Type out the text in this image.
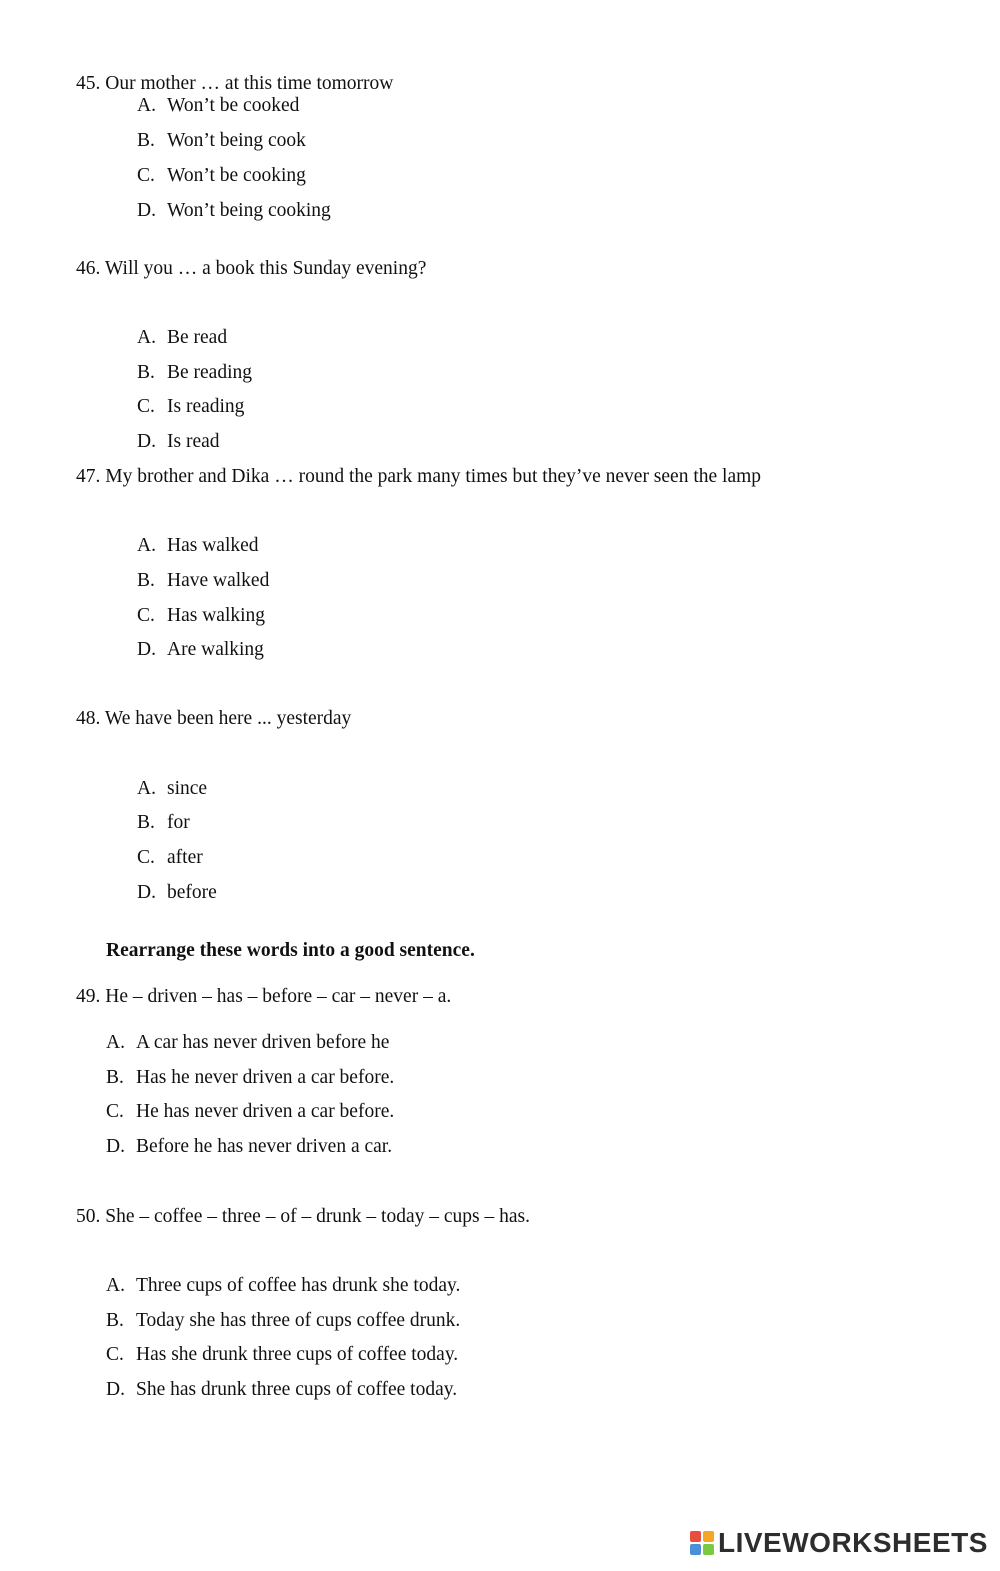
45. Our mother … at this time tomorrow
A. Won’t be cooked
B. Won’t being cook
C. Won’t be cooking
D. Won’t being cooking
46. Will you … a book this Sunday evening?
A. Be read
B. Be reading
C. Is reading
D. Is read
47. My brother and Dika … round the park many times but they’ve never seen the lamp
A. Has walked
B. Have walked
C. Has walking
D. Are walking
48. We have been here ... yesterday
A. since
B. for
C. after
D. before
Rearrange these words into a good sentence.
49. He – driven – has – before – car – never – a.
A. A car has never driven before he
B. Has he never driven a car before.
C. He has never driven a car before.
D. Before he has never driven a car.
50. She – coffee – three – of – drunk – today – cups – has.
A. Three cups of coffee has drunk she today.
B. Today she has three of cups coffee drunk.
C. Has she drunk three cups of coffee today.
D. She has drunk three cups of coffee today.
LIVEWORKSHEETS
